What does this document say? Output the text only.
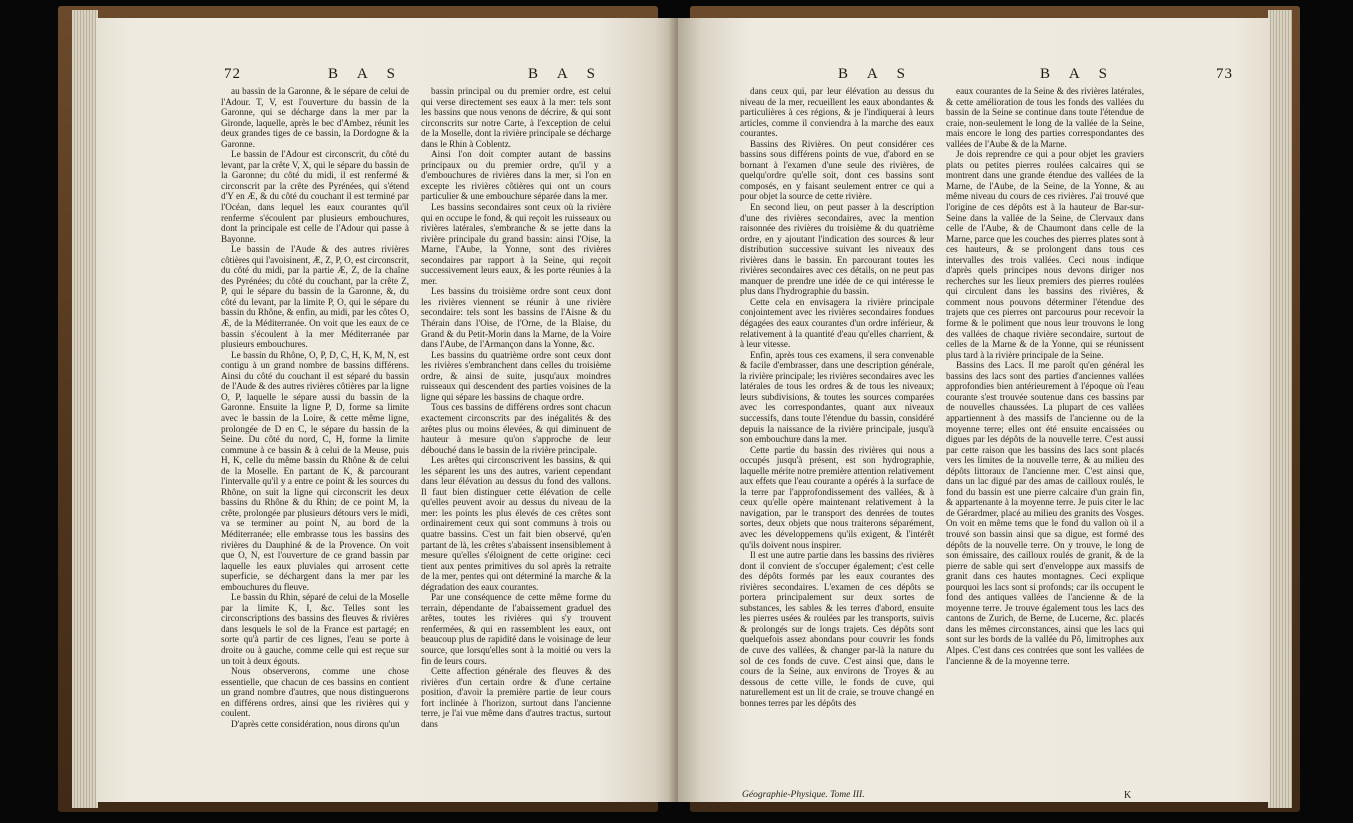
72	B A S	B A S

au bassin de la Garonne, & le sépare de celui de l'Adour. T, V, est l'ouverture du bassin de la Garonne, qui se décharge dans la mer par la Gironde, laquelle, après le bec d'Ambez, réunit les deux grandes tiges de ce bassin, la Dordogne & la Garonne.

Le bassin de l'Adour est circonscrit, du côté du levant, par la crête V, X, qui le sépare du bassin de la Garonne; du côté du midi, il est renfermé & circonscrit par la crête des Pyrénées, qui s'étend d'Y en Æ, & du côté du couchant il est terminé par l'Océan, dans lequel les eaux courantes qu'il renferme s'écoulent par plusieurs embouchures, dont la principale est celle de l'Adour qui passe à Bayonne.

Le bassin de l'Aude & des autres rivières côtières qui l'avoisinent, Æ, Z, P, O, est circonscrit, du côté du midi, par la partie Æ, Z, de la chaîne des Pyrénées; du côté du couchant, par la crête Z, P, qui le sépare du bassin de la Garonne, &, du côté du levant, par la limite P, O, qui le sépare du bassin du Rhône, & enfin, au midi, par les côtes O, Æ, de la Méditerranée. On voit que les eaux de ce bassin s'écoulent à la mer Méditerranée par plusieurs embouchures.

Le bassin du Rhône, O, P, D, C, H, K, M, N, est contigu à un grand nombre de bassins différens. Ainsi du côté du couchant il est séparé du bassin de l'Aude & des autres rivières côtières par la ligne O, P, laquelle le sépare aussi du bassin de la Garonne. Ensuite la ligne P, D, forme sa limite avec le bassin de la Loire, & cette même ligne, prolongée de D en C, le sépare du bassin de la Seine. Du côté du nord, C, H, forme la limite commune à ce bassin & à celui de la Meuse, puis H, K, celle du même bassin du Rhône & de celui de la Moselle. En partant de K, & parcourant l'intervalle qu'il y a entre ce point & les sources du Rhône, on suit la ligne qui circonscrit les deux bassins du Rhône & du Rhin; de ce point M, la crête, prolongée par plusieurs détours vers le midi, va se terminer au point N, au bord de la Méditerranée; elle embrasse tous les bassins des rivières du Dauphiné & de la Provence. On voit que O, N, est l'ouverture de ce grand bassin par laquelle les eaux pluviales qui arrosent cette superficie, se déchargent dans la mer par les embouchures du fleuve.

Le bassin du Rhin, séparé de celui de la Moselle par la limite K, I, &c. Telles sont les circonscriptions des bassins des fleuves & rivières dans lesquels le sol de la France est partagé; en sorte qu'à partir de ces lignes, l'eau se porte à droite ou à gauche, comme celle qui est reçue sur un toit à deux égouts.

Nous observerons, comme une chose essentielle, que chacun de ces bassins en contient un grand nombre d'autres, que nous distinguerons en différens ordres, ainsi que les rivières qui y coulent.

D'après cette considération, nous dirons qu'un

bassin principal ou du premier ordre, est celui qui verse directement ses eaux à la mer: tels sont les bassins que nous venons de décrire, & qui sont circonscrits sur notre Carte, à l'exception de celui de la Moselle, dont la rivière principale se décharge dans le Rhin à Coblentz.

Ainsi l'on doit compter autant de bassins principaux ou du premier ordre, qu'il y a d'embouchures de rivières dans la mer, si l'on en excepte les rivières côtières qui ont un cours particulier & une embouchure séparée dans la mer.

Les bassins secondaires sont ceux où la rivière qui en occupe le fond, & qui reçoit les ruisseaux ou rivières latérales, s'embranche & se jette dans la rivière principale du grand bassin: ainsi l'Oise, la Marne, l'Aube, la Yonne, sont des rivières secondaires par rapport à la Seine, qui reçoit successivement leurs eaux, & les porte réunies à la mer.

Les bassins du troisième ordre sont ceux dont les rivières viennent se réunir à une rivière secondaire: tels sont les bassins de l'Aisne & du Thérain dans l'Oise, de l'Orne, de la Blaise, du Grand & du Petit-Morin dans la Marne, de la Voire dans l'Aube, de l'Armançon dans la Yonne, &c.

Les bassins du quatrième ordre sont ceux dont les rivières s'embranchent dans celles du troisième ordre, & ainsi de suite, jusqu'aux moindres ruisseaux qui descendent des parties voisines de la ligne qui sépare les bassins de chaque ordre.

Tous ces bassins de différens ordres sont chacun exactement circonscrits par des inégalités & des arêtes plus ou moins élevées, & qui diminuent de hauteur à mesure qu'on s'approche de leur débouché dans le bassin de la rivière principale.

Les arêtes qui circonscrivent les bassins, & qui les séparent les uns des autres, varient cependant dans leur élévation au dessus du fond des vallons. Il faut bien distinguer cette élévation de celle qu'elles peuvent avoir au dessus du niveau de la mer: les points les plus élevés de ces crêtes sont ordinairement ceux qui sont communs à trois ou quatre bassins. C'est un fait bien observé, qu'en partant de là, les crêtes s'abaissent insensiblement à mesure qu'elles s'éloignent de cette origine: ceci tient aux pentes primitives du sol après la retraite de la mer, pentes qui ont déterminé la marche & la dégradation des eaux courantes.

Par une conséquence de cette même forme du terrain, dépendante de l'abaissement graduel des arêtes, toutes les rivières qui s'y trouvent renfermées, & qui en rassemblent les eaux, ont beaucoup plus de rapidité dans le voisinage de leur source, que lorsqu'elles sont à la moitié ou vers la fin de leurs cours.

Cette affection générale des fleuves & des rivières d'un certain ordre & d'une certaine position, d'avoir la première partie de leur cours fort inclinée à l'horizon, surtout dans l'ancienne terre, je l'ai vue même dans d'autres tractus, surtout dans

B A S	B A S	73

dans ceux qui, par leur élévation au dessus du niveau de la mer, recueillent les eaux abondantes & particulières à ces régions, & je l'indiquerai à leurs articles, comme il conviendra à la marche des eaux courantes.

Bassins des Rivières. On peut considérer ces bassins sous différens points de vue, d'abord en se bornant à l'examen d'une seule des rivières, de quelqu'ordre qu'elle soit, dont ces bassins sont composés, en y faisant seulement entrer ce qui a pour objet la source de cette rivière.

En second lieu, on peut passer à la description d'une des rivières secondaires, avec la mention raisonnée des rivières du troisième & du quatrième ordre, en y ajoutant l'indication des sources & leur distribution successive suivant les niveaux des rivières dans le bassin. En parcourant toutes les rivières secondaires avec ces détails, on ne peut pas manquer de prendre une idée de ce qui intéresse le plus dans l'hydrographie du bassin.

Cette cela en envisagera la rivière principale conjointement avec les rivières secondaires fondues dégagées des eaux courantes d'un ordre inférieur, & relativement à la quantité d'eau qu'elles charrient, & à leur vitesse.

Enfin, après tous ces examens, il sera convenable & facile d'embrasser, dans une description générale, la rivière principale; les rivières secondaires avec les latérales de tous les ordres & de tous les niveaux; leurs subdivisions, & toutes les sources comparées avec les correspondantes, quant aux niveaux successifs, dans toute l'étendue du bassin, considéré depuis la naissance de la rivière principale, jusqu'à son embouchure dans la mer.

Cette partie du bassin des rivières qui nous a occupés jusqu'à présent, est son hydrographie, laquelle mérite notre première attention relativement aux effets que l'eau courante a opérés à la surface de la terre par l'approfondissement des vallées, & à ceux qu'elle opère maintenant relativement à la navigation, par le transport des denrées de toutes sortes, deux objets que nous traiterons séparément, avec les développemens qu'ils exigent, & l'intérêt qu'ils doivent nous inspirer.

Il est une autre partie dans les bassins des rivières dont il convient de s'occuper également; c'est celle des dépôts formés par les eaux courantes des rivières secondaires. L'examen de ces dépôts se portera principalement sur deux sortes de substances, les sables & les terres d'abord, ensuite les pierres usées & roulées par les transports, suivis & prolongés sur de longs trajets. Ces dépôts sont quelquefois assez abondans pour couvrir les fonds de cuve des vallées, & changer par-là la nature du sol de ces fonds de cuve. C'est ainsi que, dans le cours de la Seine, aux environs de Troyes & au dessous de cette ville, le fonds de cuve, qui naturellement est un lit de craie, se trouve changé en bonnes terres par les dépôts des

eaux courantes de la Seine & des rivières latérales, & cette amélioration de tous les fonds des vallées du bassin de la Seine se continue dans toute l'étendue de craie, non-seulement le long de la vallée de la Seine, mais encore le long des parties correspondantes des vallées de l'Aube & de la Marne.

Je dois reprendre ce qui a pour objet les graviers plats ou petites pierres roulées calcaires qui se montrent dans une grande étendue des vallées de la Marne, de l'Aube, de la Seine, de la Yonne, & au même niveau du cours de ces rivières. J'ai trouvé que l'origine de ces dépôts est à la hauteur de Bar-sur-Seine dans la vallée de la Seine, de Clervaux dans celle de l'Aube, & de Chaumont dans celle de la Marne, parce que les couches des pierres plates sont à ces hauteurs, & se prolongent dans tous ces intervalles des trois vallées. Ceci nous indique d'après quels principes nous devons diriger nos recherches sur les lieux premiers des pierres roulées qui circulent dans les bassins des rivières, & comment nous pouvons déterminer l'étendue des trajets que ces pierres ont parcourus pour recevoir la forme & le poliment que nous leur trouvons le long des vallées de chaque rivière secondaire, surtout de celles de la Marne & de la Yonne, qui se réunissent plus tard à la rivière principale de la Seine.

Bassins des Lacs. Il me paroît qu'en général les bassins des lacs sont des parties d'anciennes vallées approfondies bien antérieurement à l'époque où l'eau courante s'est trouvée soutenue dans ces bassins par de nouvelles chaussées. La plupart de ces vallées appartiennent à des massifs de l'ancienne ou de la moyenne terre; elles ont été ensuite encaissées ou digues par les dépôts de la nouvelle terre. C'est aussi par cette raison que les bassins des lacs sont placés vers les limites de la nouvelle terre, & au milieu des dépôts littoraux de l'ancienne mer. C'est ainsi que, dans un lac digué par des amas de cailloux roulés, le fond du bassin est une pierre calcaire d'un grain fin, & appartenante à la moyenne terre. Je puis citer le lac de Gérardmer, placé au milieu des granits des Vosges. On voit en même tems que le fond du vallon où il a trouvé son bassin ainsi que sa digue, est formé des dépôts de la nouvelle terre. On y trouve, le long de son émissaire, des cailloux roulés de granit, & de la pierre de sable qui sert d'enveloppe aux massifs de granit dans ces hautes montagnes. Ceci explique pourquoi les lacs sont si profonds; car ils occupent le fond des antiques vallées de l'ancienne & de la moyenne terre. Je trouve également tous les lacs des cantons de Zurich, de Berne, de Lucerne, &c. placés dans les mêmes circonstances, ainsi que les lacs qui sont sur les bords de la vallée du Pô, limitrophes aux Alpes. C'est dans ces contrées que sont les vallées de l'ancienne & de la moyenne terre.

Géographie-Physique. Tome III.	K
